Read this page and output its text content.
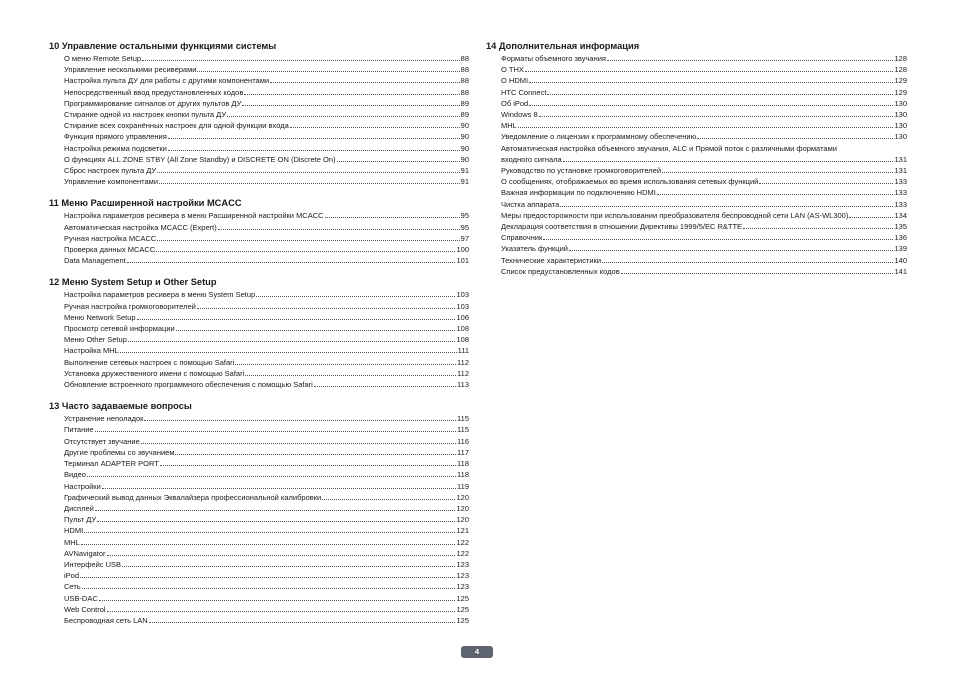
10 Управление остальными функциями системы
О меню Remote Setup	88
Управление несколькими ресиверами	88
Настройка пульта ДУ для работы с другими компонентами	88
Непосредственный ввод предустановленных кодов	88
Программирование сигналов от других пультов ДУ	89
Стирание одной из настроек кнопки пульта ДУ	89
Стирание всех сохранённых настроек для одной функции входа	90
Функция прямого управления	90
Настройка режима подсветки	90
О функциях ALL ZONE STBY (All Zone Standby) и DISCRETE ON (Discrete On)	90
Сброс настроек пульта ДУ	91
Управление компонентами	91
11 Меню Расширенной настройки MCACC
Настройка параметров ресивера в меню Расширенной настройки MCACC	95
Автоматическая настройка MCACC (Expert)	95
Ручная настройка MCACC	97
Проверка данных MCACC	100
Data Management	101
12 Меню System Setup и Other Setup
Настройка параметров ресивера в меню System Setup	103
Ручная настройка громкоговорителей	103
Меню Network Setup	106
Просмотр сетевой информации	108
Меню Other Setup	108
Настройка MHL	111
Выполнение сетевых настроек с помощью Safari	112
Установка дружественного имени с помощью Safari	112
Обновление встроенного программного обеспечения с помощью Safari	113
13 Часто задаваемые вопросы
Устранение неполадок	115
Питание	115
Отсутствует звучание	116
Другие проблемы со звучанием	117
Терминал ADAPTER PORT	118
Видео	118
Настройки	119
Графический вывод данных Эквалайзера профессиональной калибровки	120
Дисплей	120
Пульт ДУ	120
HDMI	121
MHL	122
AVNavigator	122
Интерфейс USB	123
iPod	123
Сеть	123
USB-DAC	125
Web Control	125
Беспроводная сеть LAN	125
14 Дополнительная информация
Форматы объемного звучания	128
О THX	128
О HDMI	129
HTC Connect	129
Об iPod	130
Windows 8	130
MHL	130
Уведомление о лицензии к программному обеспечению	130
Автоматическая настройка объемного звучания, ALC и Прямой поток с различными форматами
входного сигнала	131
Руководство по установке громкоговорителей	131
О сообщениях, отображаемых во время использования сетевых функций	133
Важная информации по подключению HDMI	133
Чистка аппарата	133
Меры предосторожности при использовании преобразователя беспроводной сети LAN (AS-WL300)	134
Декларация соответствия в отношении Директивы 1999/5/EC R&TTE	135
Справочник	136
Указатель функций	139
Технические характеристики	140
Список предустановленных кодов	141
4
